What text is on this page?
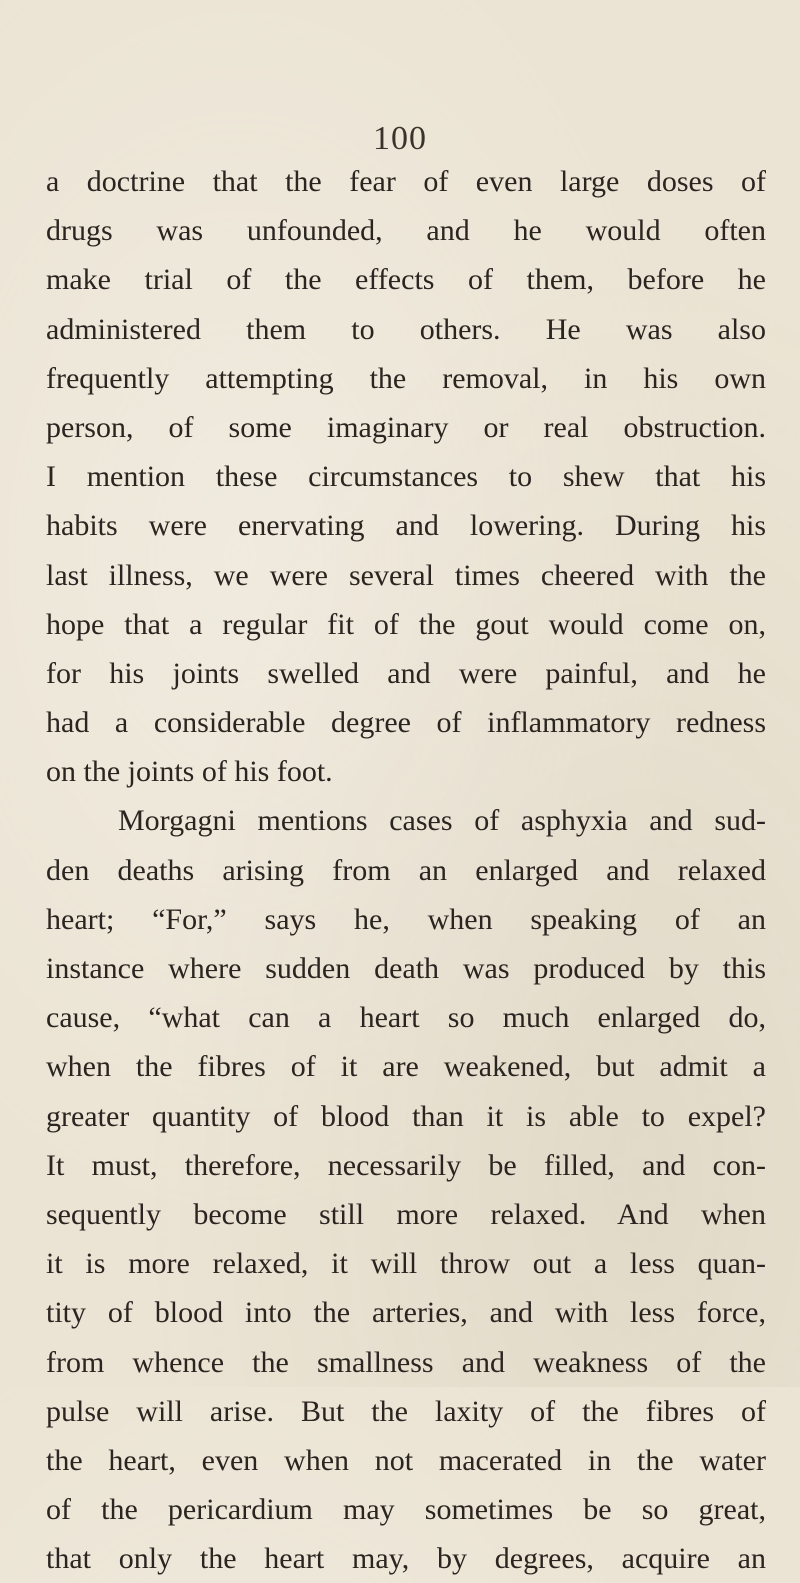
100
a doctrine that the fear of even large doses of
drugs was unfounded, and he would often
make trial of the effects of them, before he
administered them to others. He was also
frequently attempting the removal, in his own
person, of some imaginary or real obstruction.
I mention these circumstances to shew that his
habits were enervating and lowering. During his
last illness, we were several times cheered with the
hope that a regular fit of the gout would come on,
for his joints swelled and were painful, and he
had a considerable degree of inflammatory redness
on the joints of his foot.
Morgagni mentions cases of asphyxia and sud-
den deaths arising from an enlarged and relaxed
heart; “For,” says he, when speaking of an
instance where sudden death was produced by this
cause, “what can a heart so much enlarged do,
when the fibres of it are weakened, but admit a
greater quantity of blood than it is able to expel?
It must, therefore, necessarily be filled, and con-
sequently become still more relaxed. And when
it is more relaxed, it will throw out a less quan-
tity of blood into the arteries, and with less force,
from whence the smallness and weakness of the
pulse will arise. But the laxity of the fibres of
the heart, even when not macerated in the water
of the pericardium may sometimes be so great,
that only the heart may, by degrees, acquire an
